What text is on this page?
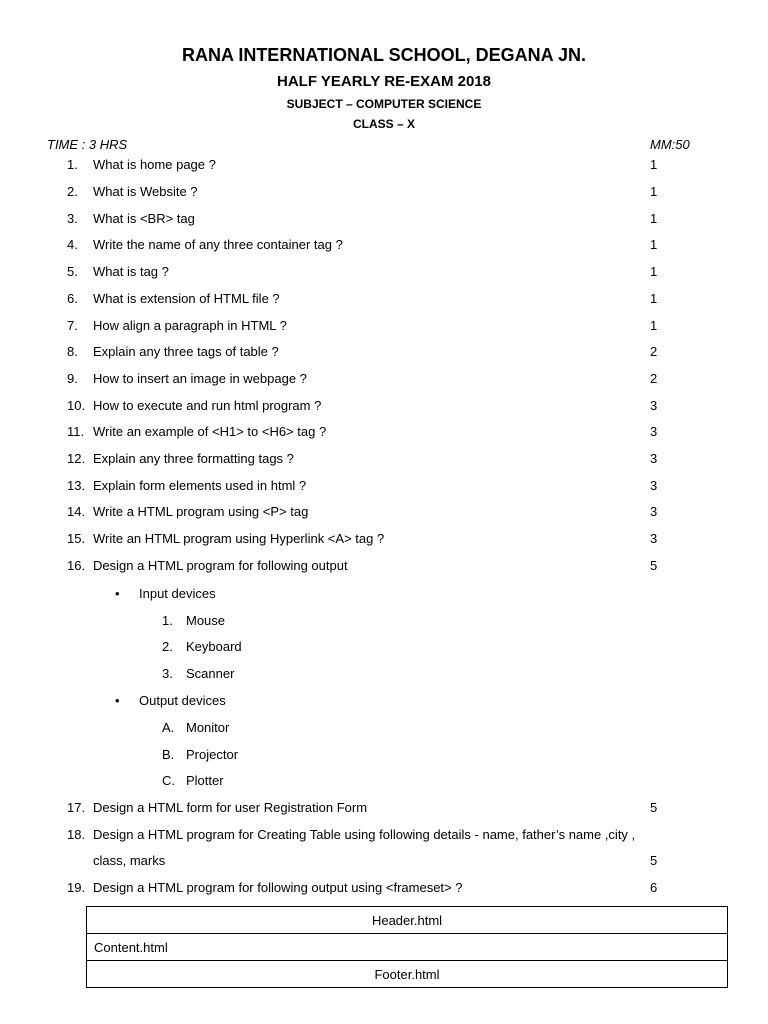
RANA INTERNATIONAL SCHOOL, DEGANA JN.
HALF YEARLY RE-EXAM 2018
SUBJECT – COMPUTER SCIENCE
CLASS – X
TIME : 3 HRS	MM:50
1. What is home page ?	1
2. What is Website ?	1
3. What is <BR> tag	1
4. Write the name of any three container tag ?	1
5. What is tag ?	1
6. What is extension of HTML file ?	1
7. How align a paragraph in HTML ?	1
8. Explain any three tags of table ?	2
9. How to insert an image in webpage ?	2
10. How to execute and run html program ?	3
11. Write an example of <H1> to <H6> tag ?	3
12. Explain any three formatting tags ?	3
13. Explain form elements used in html ?	3
14. Write a HTML program using <P> tag	3
15. Write an HTML program using Hyperlink <A> tag ?	3
16. Design a HTML program for following output	5
• Input devices
1. Mouse
2. Keyboard
3. Scanner
• Output devices
A. Monitor
B. Projector
C. Plotter
17. Design a HTML form for user Registration Form	5
18. Design a HTML program for Creating Table using following details - name, father’s name ,city ,
class, marks	5
19. Design a HTML program for following output using <frameset> ?	6
Header.html
Content.html
Footer.html
